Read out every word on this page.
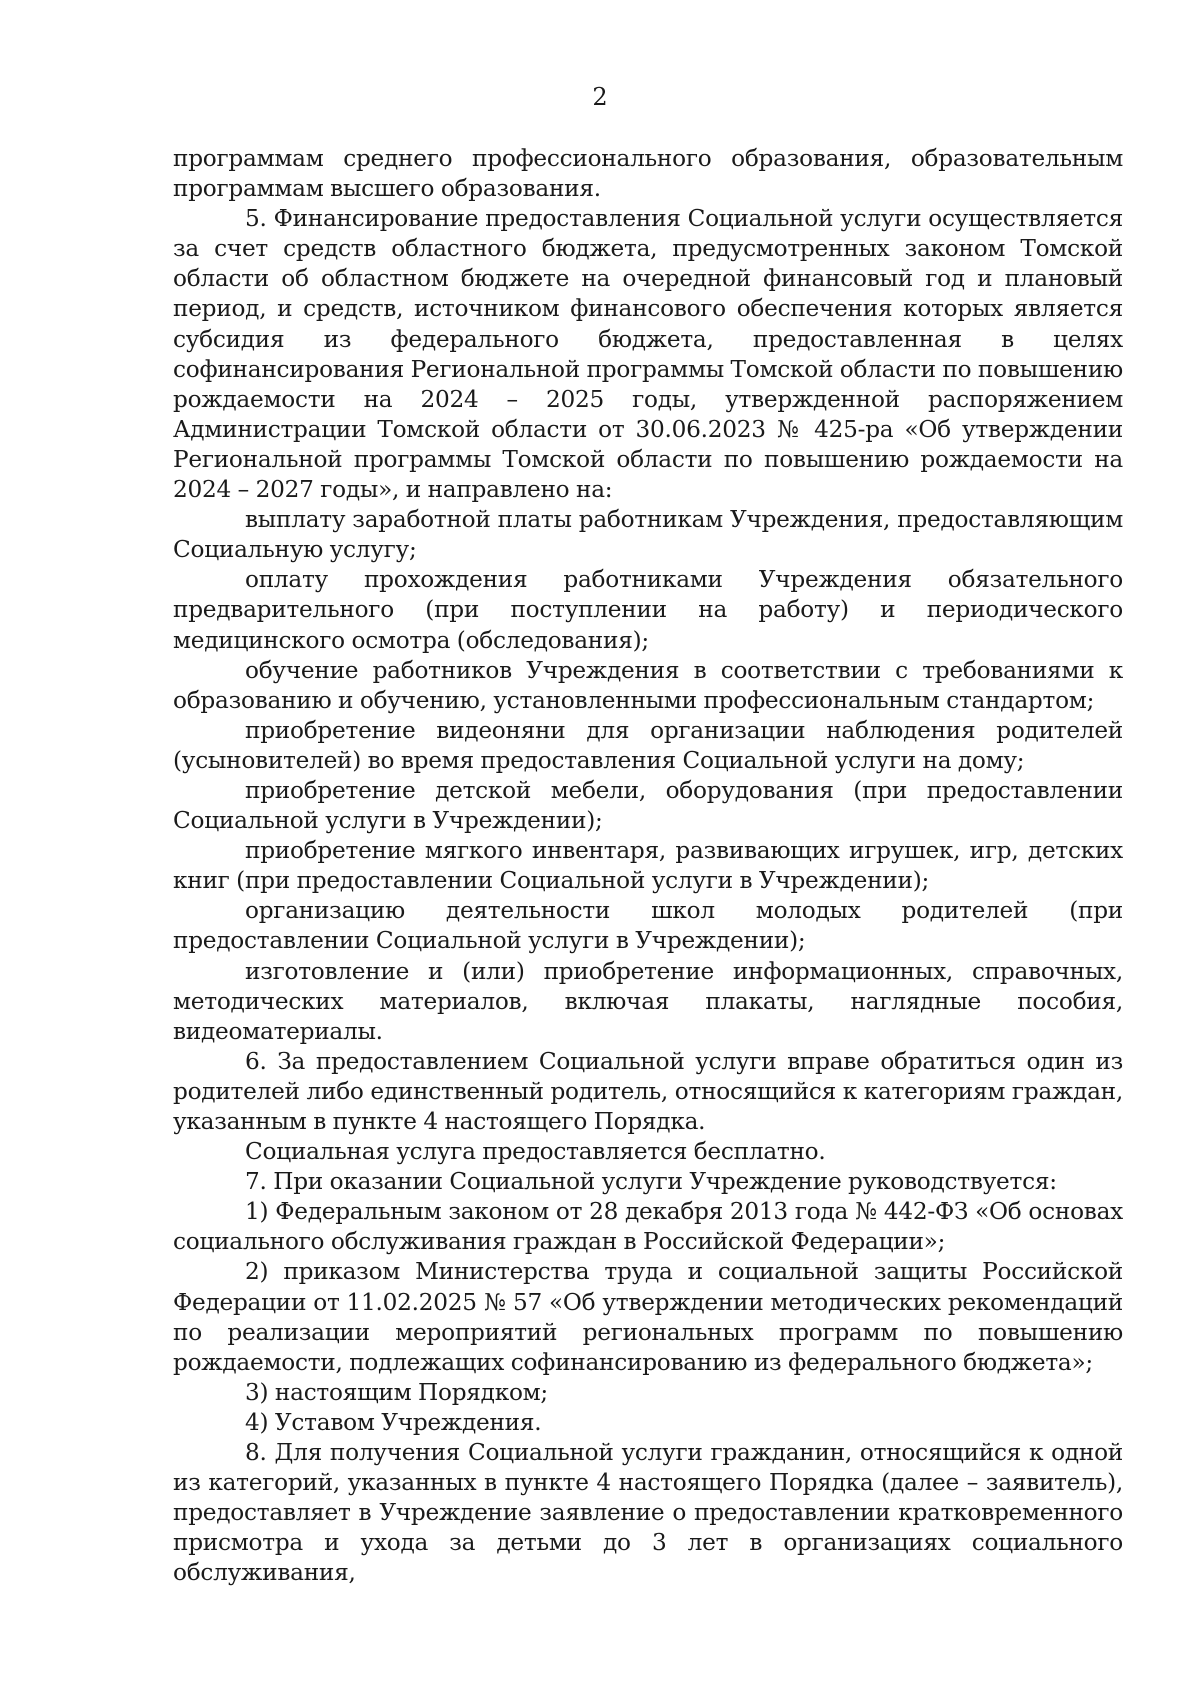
2

программам среднего профессионального образования, образовательным программам высшего образования.

5. Финансирование предоставления Социальной услуги осуществляется за счет средств областного бюджета, предусмотренных законом Томской области об областном бюджете на очередной финансовый год и плановый период, и средств, источником финансового обеспечения которых является субсидия из федерального бюджета, предоставленная в целях софинансирования Региональной программы Томской области по повышению рождаемости на 2024 – 2025 годы, утвержденной распоряжением Администрации Томской области от 30.06.2023 № 425-ра «Об утверждении Региональной программы Томской области по повышению рождаемости на 2024 – 2027 годы», и направлено на:

выплату заработной платы работникам Учреждения, предоставляющим Социальную услугу;

оплату прохождения работниками Учреждения обязательного предварительного (при поступлении на работу) и периодического медицинского осмотра (обследования);

обучение работников Учреждения в соответствии с требованиями к образованию и обучению, установленными профессиональным стандартом;

приобретение видеоняни для организации наблюдения родителей (усыновителей) во время предоставления Социальной услуги на дому;

приобретение детской мебели, оборудования (при предоставлении Социальной услуги в Учреждении);

приобретение мягкого инвентаря, развивающих игрушек, игр, детских книг (при предоставлении Социальной услуги в Учреждении);

организацию деятельности школ молодых родителей (при предоставлении Социальной услуги в Учреждении);

изготовление и (или) приобретение информационных, справочных, методических материалов, включая плакаты, наглядные пособия, видеоматериалы.

6. За предоставлением Социальной услуги вправе обратиться один из родителей либо единственный родитель, относящийся к категориям граждан, указанным в пункте 4 настоящего Порядка.

Социальная услуга предоставляется бесплатно.

7. При оказании Социальной услуги Учреждение руководствуется:

1) Федеральным законом от 28 декабря 2013 года № 442-ФЗ «Об основах социального обслуживания граждан в Российской Федерации»;

2) приказом Министерства труда и социальной защиты Российской Федерации от 11.02.2025 № 57 «Об утверждении методических рекомендаций по реализации мероприятий региональных программ по повышению рождаемости, подлежащих софинансированию из федерального бюджета»;

3) настоящим Порядком;

4) Уставом Учреждения.

8. Для получения Социальной услуги гражданин, относящийся к одной из категорий, указанных в пункте 4 настоящего Порядка (далее – заявитель), предоставляет в Учреждение заявление о предоставлении кратковременного присмотра и ухода за детьми до 3 лет в организациях социального обслуживания,
